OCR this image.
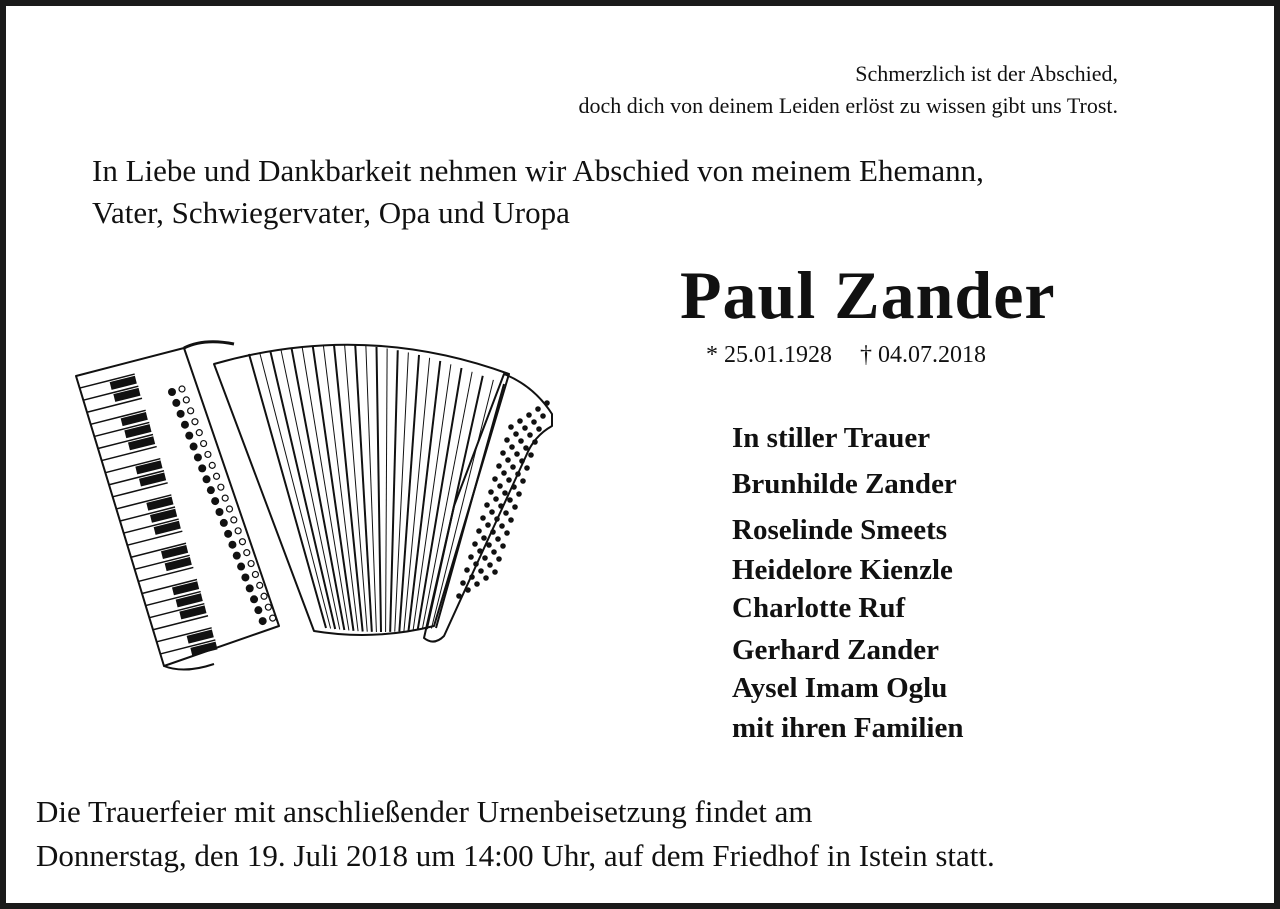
Schmerzlich ist der Abschied,
doch dich von deinem Leiden erlöst zu wissen gibt uns Trost.

In Liebe und Dankbarkeit nehmen wir Abschied von meinem Ehemann,
Vater, Schwiegervater, Opa und Uropa

Paul Zander

* 25.01.1928 † 04.07.2018

In stiller Trauer
Brunhilde Zander
Roselinde Smeets
Heidelore Kienzle
Charlotte Ruf
Gerhard Zander
Aysel Imam Oglu
mit ihren Familien

Die Trauerfeier mit anschließender Urnenbeisetzung findet am
Donnerstag, den 19. Juli 2018 um 14:00 Uhr, auf dem Friedhof in Istein statt.
